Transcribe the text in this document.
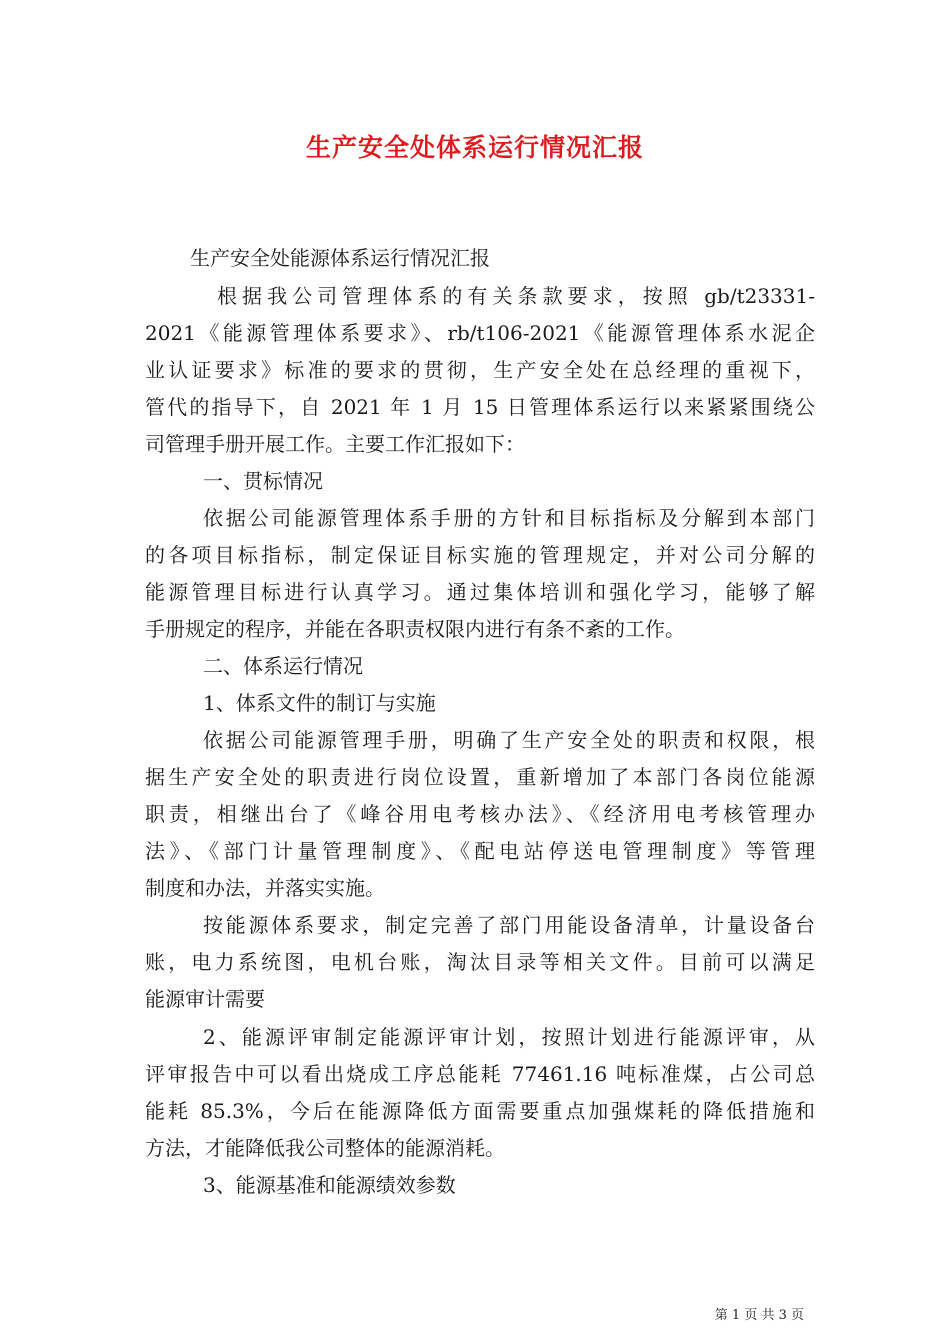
生产安全处体系运行情况汇报
生产安全处能源体系运行情况汇报
根据我公司管理体系的有关条款要求，按照 gb/t23331-
2021《能源管理体系要求》、rb/t106-2021《能源管理体系水泥企
业认证要求》标准的要求的贯彻，生产安全处在总经理的重视下，
管代的指导下，自 2021 年 1 月 15 日管理体系运行以来紧紧围绕公
司管理手册开展工作。主要工作汇报如下：
一、贯标情况
依据公司能源管理体系手册的方针和目标指标及分解到本部门
的各项目标指标，制定保证目标实施的管理规定，并对公司分解的
能源管理目标进行认真学习。通过集体培训和强化学习，能够了解
手册规定的程序，并能在各职责权限内进行有条不紊的工作。
二、体系运行情况
1、体系文件的制订与实施
依据公司能源管理手册，明确了生产安全处的职责和权限，根
据生产安全处的职责进行岗位设置，重新增加了本部门各岗位能源
职责，相继出台了《峰谷用电考核办法》、《经济用电考核管理办
法》、《部门计量管理制度》、《配电站停送电管理制度》等管理
制度和办法，并落实实施。
按能源体系要求，制定完善了部门用能设备清单，计量设备台
账，电力系统图，电机台账，淘汰目录等相关文件。目前可以满足
能源审计需要
2、能源评审制定能源评审计划，按照计划进行能源评审，从
评审报告中可以看出烧成工序总能耗 77461.16 吨标准煤，占公司总
能耗 85.3%，今后在能源降低方面需要重点加强煤耗的降低措施和
方法，才能降低我公司整体的能源消耗。
3、能源基准和能源绩效参数
第 1 页 共 3 页
